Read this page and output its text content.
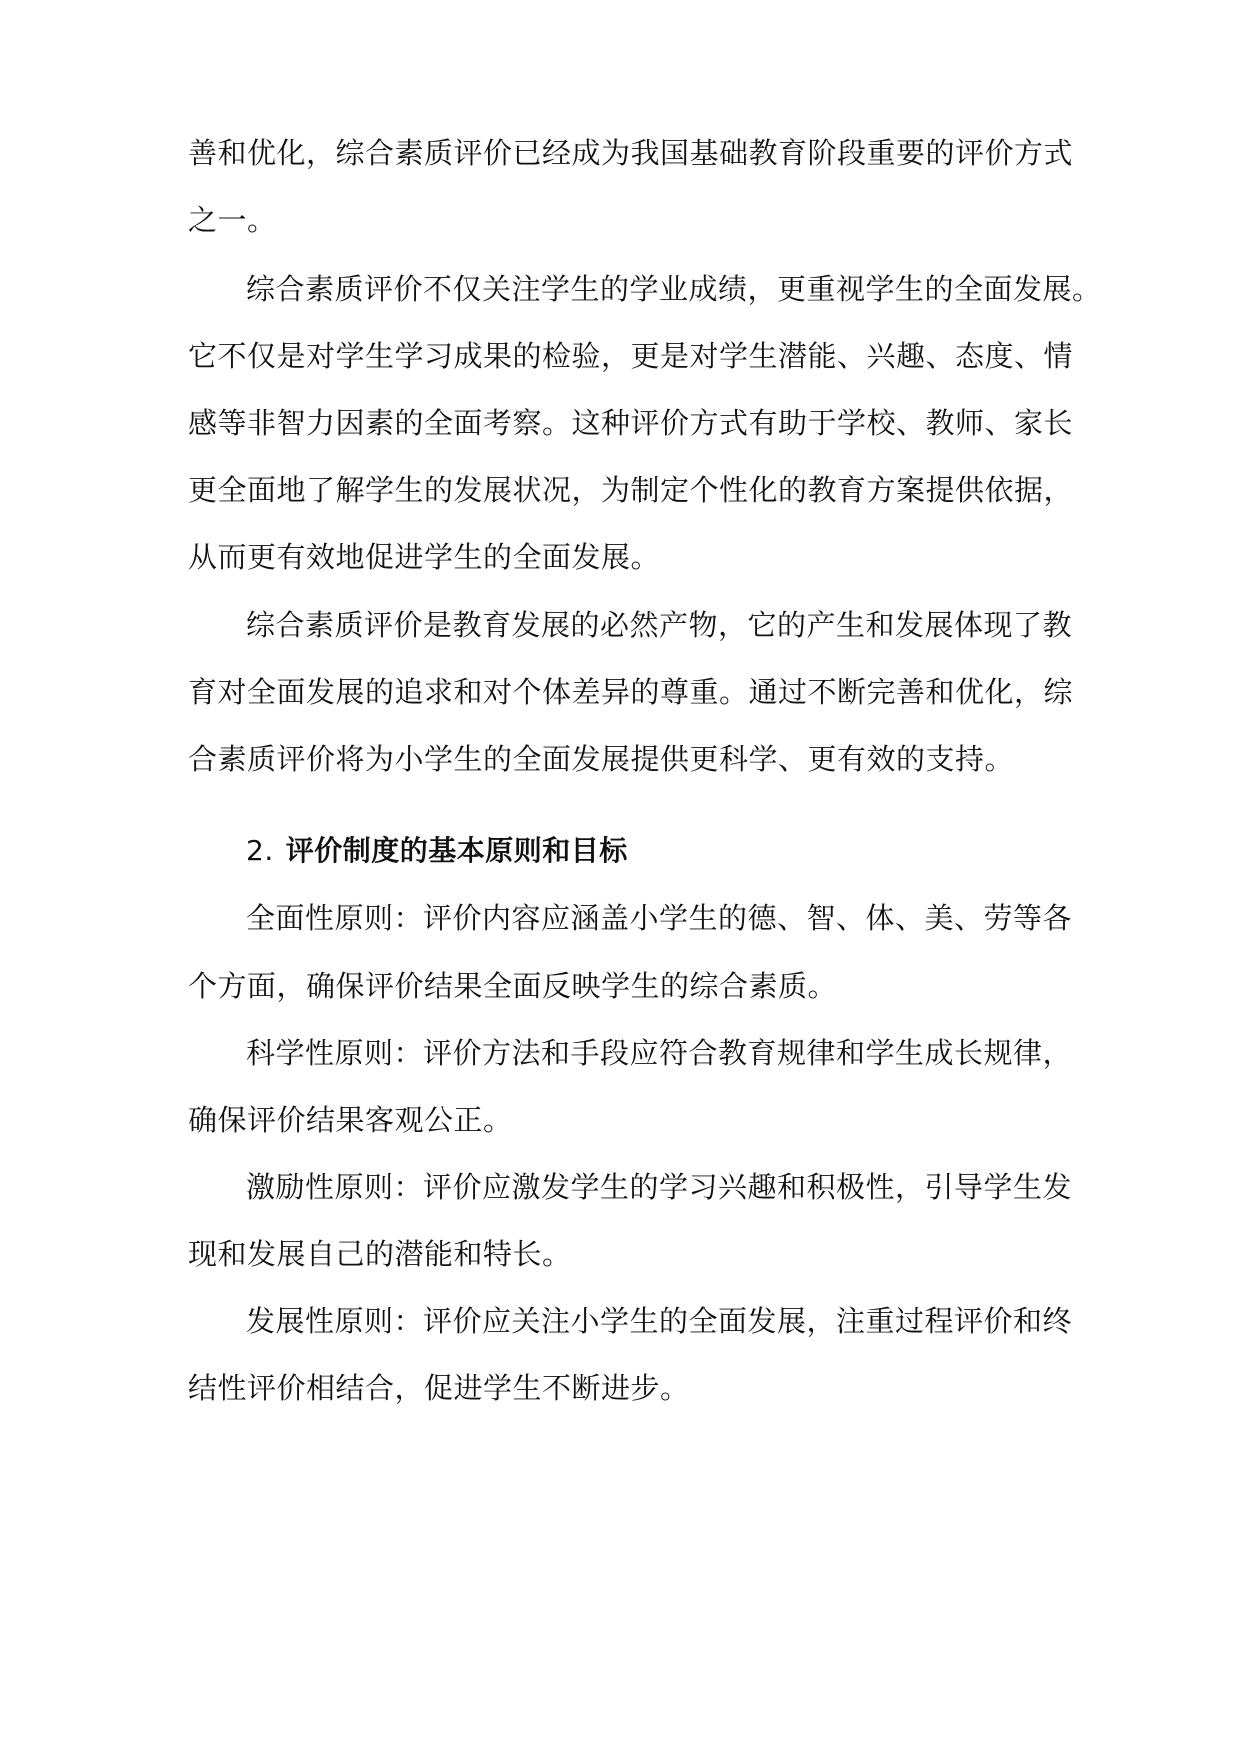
善和优化，综合素质评价已经成为我国基础教育阶段重要的评价方式
之一。
综合素质评价不仅关注学生的学业成绩，更重视学生的全面发展。
它不仅是对学生学习成果的检验，更是对学生潜能、兴趣、态度、情
感等非智力因素的全面考察。这种评价方式有助于学校、教师、家长
更全面地了解学生的发展状况，为制定个性化的教育方案提供依据，
从而更有效地促进学生的全面发展。
综合素质评价是教育发展的必然产物，它的产生和发展体现了教
育对全面发展的追求和对个体差异的尊重。通过不断完善和优化，综
合素质评价将为小学生的全面发展提供更科学、更有效的支持。
2. 评价制度的基本原则和目标
全面性原则：评价内容应涵盖小学生的德、智、体、美、劳等各
个方面，确保评价结果全面反映学生的综合素质。
科学性原则：评价方法和手段应符合教育规律和学生成长规律，
确保评价结果客观公正。
激励性原则：评价应激发学生的学习兴趣和积极性，引导学生发
现和发展自己的潜能和特长。
发展性原则：评价应关注小学生的全面发展，注重过程评价和终
结性评价相结合，促进学生不断进步。
